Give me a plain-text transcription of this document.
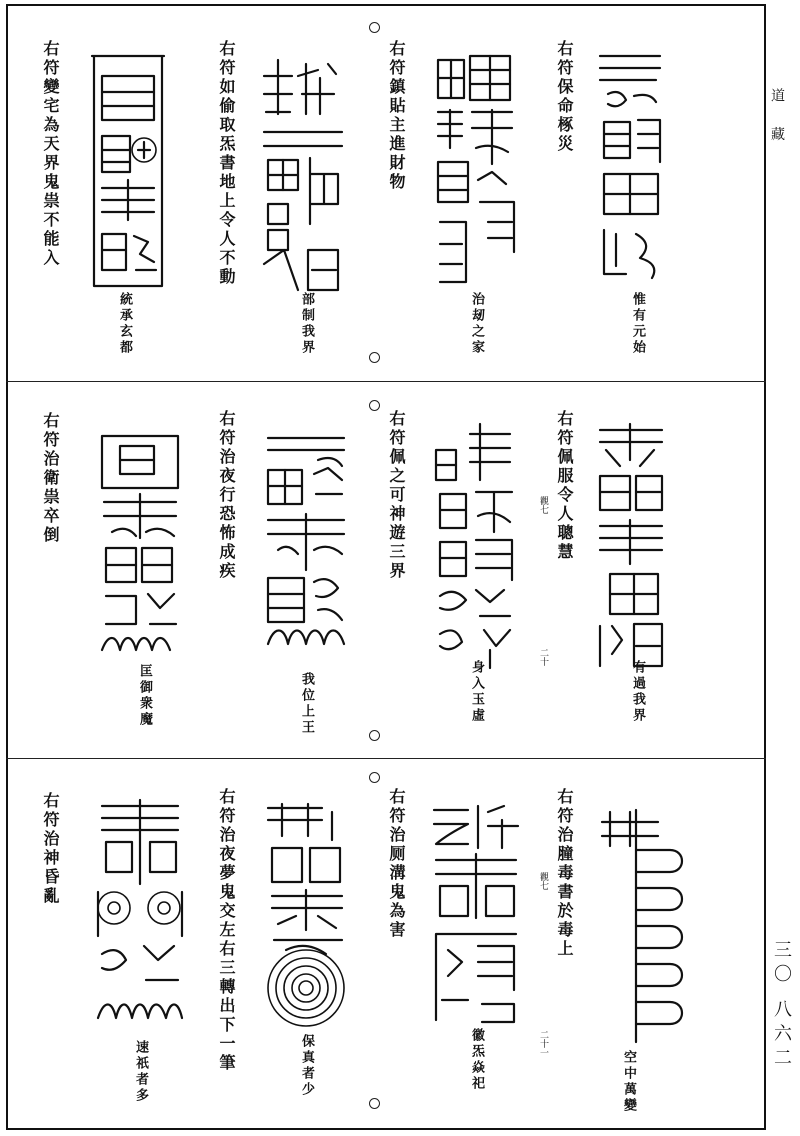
道 藏
三〇 八六二
右符保命椓災
惟有元始
右符鎮貼主進財物
治刼之家
右符如偷取炁書地上令人不動
部制我界
右符變宅為天界鬼祟不能入
統承玄都
右符佩服令人聰慧
觀七
二十
有過我界
右符佩之可神遊三界
身入玉虛
右符治夜行恐怖成疾
我位上王
右符治衛祟卒倒
匡御衆魔
右符治膧毒書於毒上
觀七
二十一
空中萬變
右符治厕溝鬼為害
徽炁焱祀
右符治夜夢鬼交左右三轉出下一筆	保真者少
右符治神昏亂
速祇者多
